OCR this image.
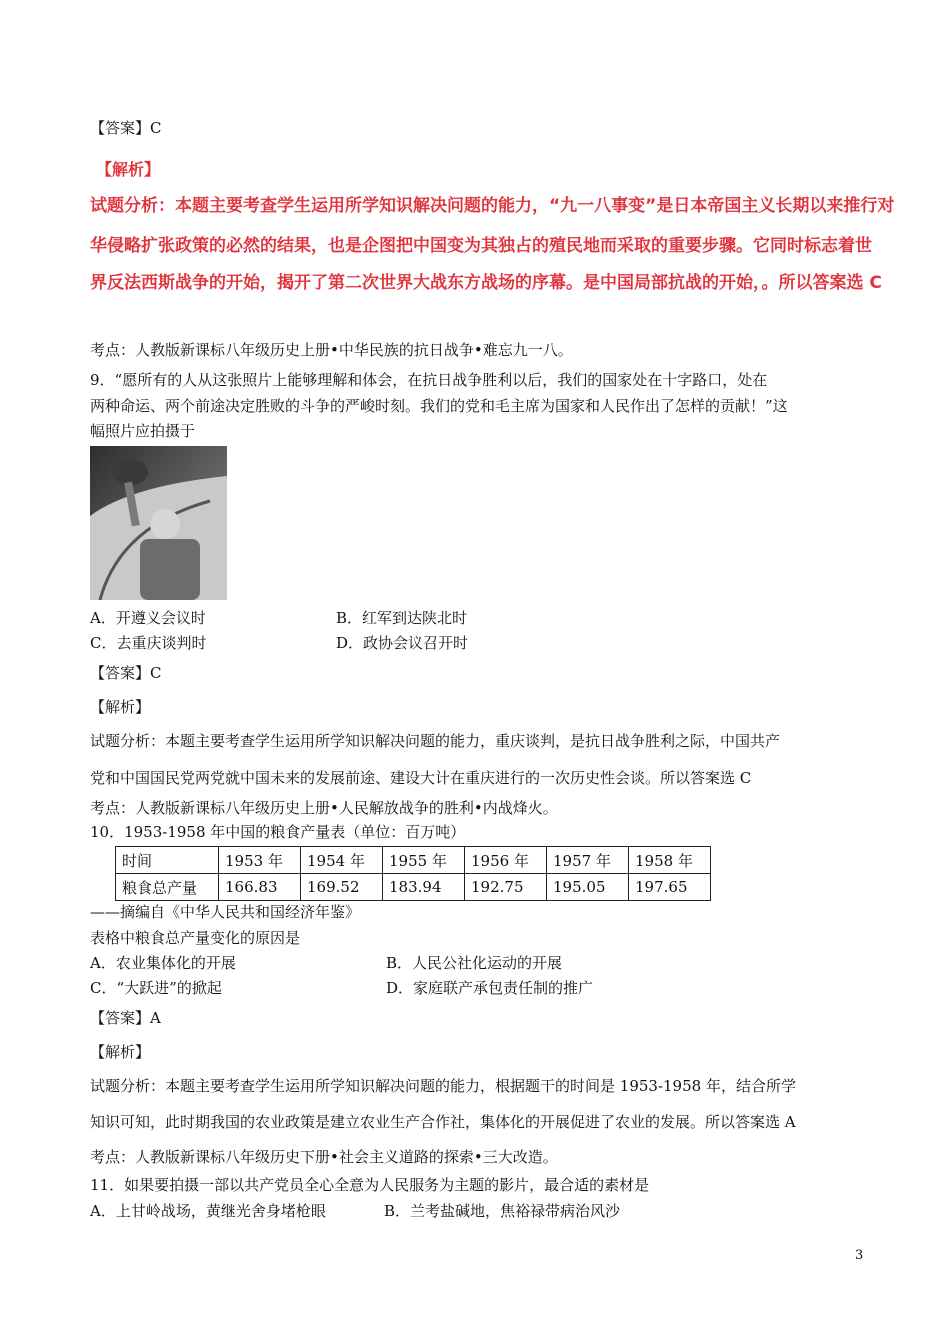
【答案】C
【解析】
试题分析：本题主要考查学生运用所学知识解决问题的能力，“九一八事变”是日本帝国主义长期以来推行对
华侵略扩张政策的必然的结果，也是企图把中国变为其独占的殖民地而采取的重要步骤。它同时标志着世
界反法西斯战争的开始，揭开了第二次世界大战东方战场的序幕。是中国局部抗战的开始，。所以答案选 C
考点：人教版新课标八年级历史上册•中华民族的抗日战争•难忘九一八。
9．“愿所有的人从这张照片上能够理解和体会，在抗日战争胜利以后，我们的国家处在十字路口，处在
两种命运、两个前途决定胜败的斗争的严峻时刻。我们的党和毛主席为国家和人民作出了怎样的贡献！”这
幅照片应拍摄于
A．开遵义会议时	B．红军到达陕北时
C．去重庆谈判时	D．政协会议召开时
【答案】C
【解析】
试题分析：本题主要考查学生运用所学知识解决问题的能力，重庆谈判，是抗日战争胜利之际，中国共产
党和中国国民党两党就中国未来的发展前途、建设大计在重庆进行的一次历史性会谈。所以答案选 C
考点：人教版新课标八年级历史上册•人民解放战争的胜利•内战烽火。
10．1953-1958 年中国的粮食产量表（单位：百万吨）
时间	1953 年	1954 年	1955 年	1956 年	1957 年	1958 年
粮食总产量	166.83	169.52	183.94	192.75	195.05	197.65
——摘编自《中华人民共和国经济年鉴》
表格中粮食总产量变化的原因是
A．农业集体化的开展	B．人民公社化运动的开展
C．“大跃进”的掀起	D．家庭联产承包责任制的推广
【答案】A
【解析】
试题分析：本题主要考查学生运用所学知识解决问题的能力，根据题干的时间是 1953-1958 年，结合所学
知识可知，此时期我国的农业政策是建立农业生产合作社，集体化的开展促进了农业的发展。所以答案选 A
考点：人教版新课标八年级历史下册•社会主义道路的探索•三大改造。
11．如果要拍摄一部以共产党员全心全意为人民服务为主题的影片，最合适的素材是
A．上甘岭战场，黄继光舍身堵枪眼	B．兰考盐碱地，焦裕禄带病治风沙
3
